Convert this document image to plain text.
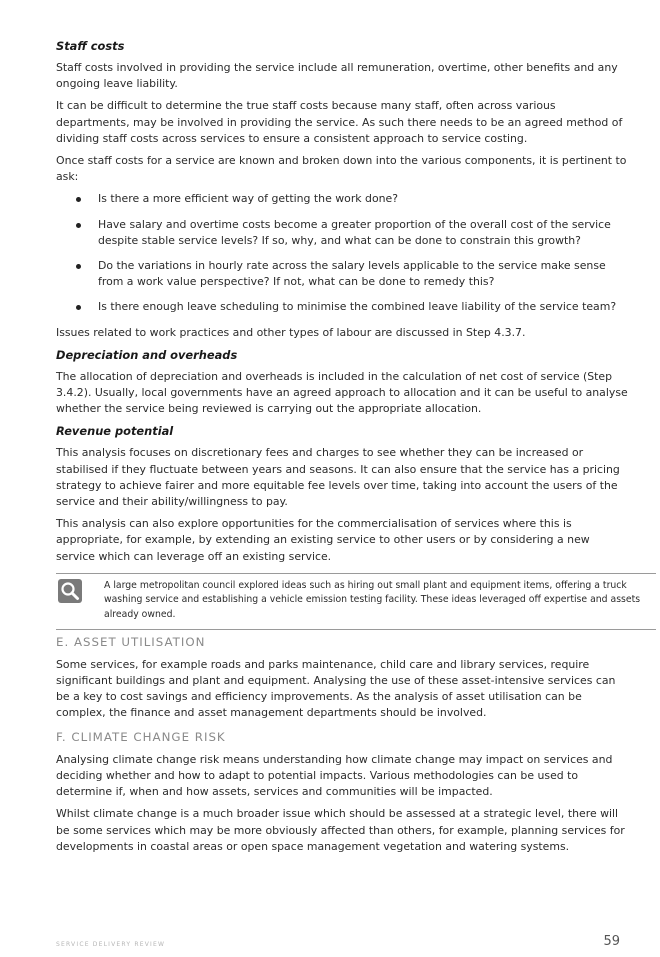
Staff costs

Staff costs involved in providing the service include all remuneration, overtime, other benefits and any ongoing leave liability.

It can be difficult to determine the true staff costs because many staff, often across various departments, may be involved in providing the service. As such there needs to be an agreed method of dividing staff costs across services to ensure a consistent approach to service costing.

Once staff costs for a service are known and broken down into the various components, it is pertinent to ask:

Is there a more efficient way of getting the work done?
Have salary and overtime costs become a greater proportion of the overall cost of the service despite stable service levels? If so, why, and what can be done to constrain this growth?
Do the variations in hourly rate across the salary levels applicable to the service make sense from a work value perspective? If not, what can be done to remedy this?
Is there enough leave scheduling to minimise the combined leave liability of the service team?

Issues related to work practices and other types of labour are discussed in Step 4.3.7.

Depreciation and overheads

The allocation of depreciation and overheads is included in the calculation of net cost of service (Step 3.4.2). Usually, local governments have an agreed approach to allocation and it can be useful to analyse whether the service being reviewed is carrying out the appropriate allocation.

Revenue potential

This analysis focuses on discretionary fees and charges to see whether they can be increased or stabilised if they fluctuate between years and seasons. It can also ensure that the service has a pricing strategy to achieve fairer and more equitable fee levels over time, taking into account the users of the service and their ability/willingness to pay.

This analysis can also explore opportunities for the commercialisation of services where this is appropriate, for example, by extending an existing service to other users or by considering a new service which can leverage off an existing service.

A large metropolitan council explored ideas such as hiring out small plant and equipment items, offering a truck washing service and establishing a vehicle emission testing facility. These ideas leveraged off expertise and assets already owned.
E. ASSET UTILISATION

Some services, for example roads and parks maintenance, child care and library services, require significant buildings and plant and equipment. Analysing the use of these asset-intensive services can be a key to cost savings and efficiency improvements. As the analysis of asset utilisation can be complex, the finance and asset management departments should be involved.

F. CLIMATE CHANGE RISK

Analysing climate change risk means understanding how climate change may impact on services and deciding whether and how to adapt to potential impacts. Various methodologies can be used to determine if, when and how assets, services and communities will be impacted.

Whilst climate change is a much broader issue which should be assessed at a strategic level, there will be some services which may be more obviously affected than others, for example, planning services for developments in coastal areas or open space management vegetation and watering systems.

SERVICE DELIVERY REVIEW	59
